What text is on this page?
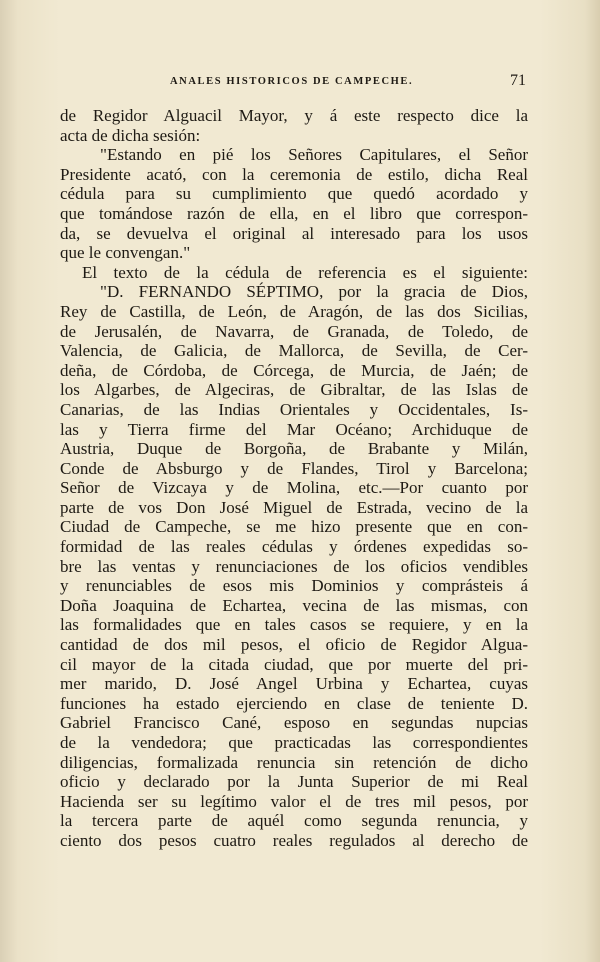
ANALES HISTORICOS DE CAMPECHE.	71
de Regidor Alguacil Mayor, y á este respecto dice la
acta de dicha sesión:
"Estando en pié los Señores Capitulares, el Señor
Presidente acató, con la ceremonia de estilo, dicha Real
cédula para su cumplimiento que quedó acordado y
que tomándose razón de ella, en el libro que correspon-
da, se devuelva el original al interesado para los usos
que le convengan."
El texto de la cédula de referencia es el siguiente:
"D. FERNANDO SÉPTIMO, por la gracia de Dios,
Rey de Castilla, de León, de Aragón, de las dos Sicilias,
de Jerusalén, de Navarra, de Granada, de Toledo, de
Valencia, de Galicia, de Mallorca, de Sevilla, de Cer-
deña, de Córdoba, de Córcega, de Murcia, de Jaén; de
los Algarbes, de Algeciras, de Gibraltar, de las Islas de
Canarias, de las Indias Orientales y Occidentales, Is-
las y Tierra firme del Mar Océano; Archiduque de
Austria, Duque de Borgoña, de Brabante y Milán,
Conde de Absburgo y de Flandes, Tirol y Barcelona;
Señor de Vizcaya y de Molina, etc.—Por cuanto por
parte de vos Don José Miguel de Estrada, vecino de la
Ciudad de Campeche, se me hizo presente que en con-
formidad de las reales cédulas y órdenes expedidas so-
bre las ventas y renunciaciones de los oficios vendibles
y renunciables de esos mis Dominios y comprásteis á
Doña Joaquina de Echartea, vecina de las mismas, con
las formalidades que en tales casos se requiere, y en la
cantidad de dos mil pesos, el oficio de Regidor Algua-
cil mayor de la citada ciudad, que por muerte del pri-
mer marido, D. José Angel Urbina y Echartea, cuyas
funciones ha estado ejerciendo en clase de teniente D.
Gabriel Francisco Cané, esposo en segundas nupcias
de la vendedora; que practicadas las correspondientes
diligencias, formalizada renuncia sin retención de dicho
oficio y declarado por la Junta Superior de mi Real
Hacienda ser su legítimo valor el de tres mil pesos, por
la tercera parte de aquél como segunda renuncia, y
ciento dos pesos cuatro reales regulados al derecho de
